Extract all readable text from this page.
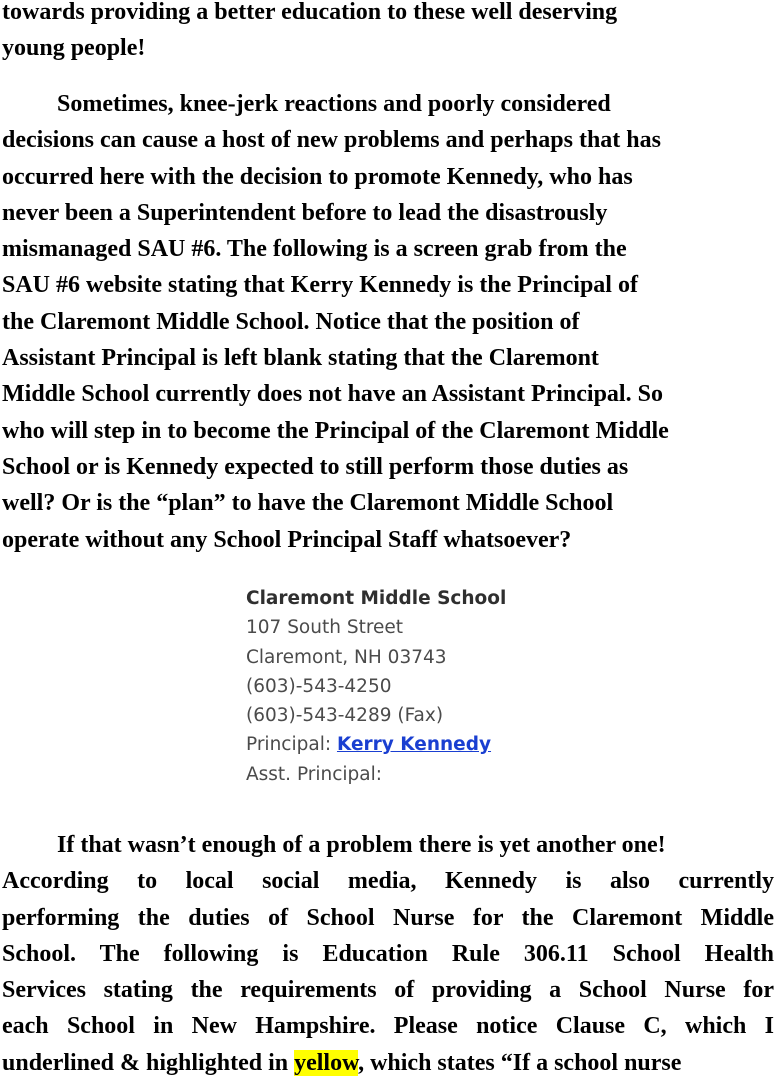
towards providing a better education to these well deserving
young people!
Sometimes, knee-jerk reactions and poorly considered
decisions can cause a host of new problems and perhaps that has
occurred here with the decision to promote Kennedy, who has
never been a Superintendent before to lead the disastrously
mismanaged SAU #6. The following is a screen grab from the
SAU #6 website stating that Kerry Kennedy is the Principal of
the Claremont Middle School. Notice that the position of
Assistant Principal is left blank stating that the Claremont
Middle School currently does not have an Assistant Principal. So
who will step in to become the Principal of the Claremont Middle
School or is Kennedy expected to still perform those duties as
well? Or is the “plan” to have the Claremont Middle School
operate without any School Principal Staff whatsoever?
Claremont Middle School
107 South Street
Claremont, NH 03743
(603)-543-4250
(603)-543-4289 (Fax)
Principal: Kerry Kennedy
Asst. Principal:
If that wasn’t enough of a problem there is yet another one!
According to local social media, Kennedy is also currently
performing the duties of School Nurse for the Claremont Middle
School. The following is Education Rule 306.11 School Health
Services stating the requirements of providing a School Nurse for
each School in New Hampshire. Please notice Clause C, which I
underlined & highlighted in yellow, which states “If a school nurse
